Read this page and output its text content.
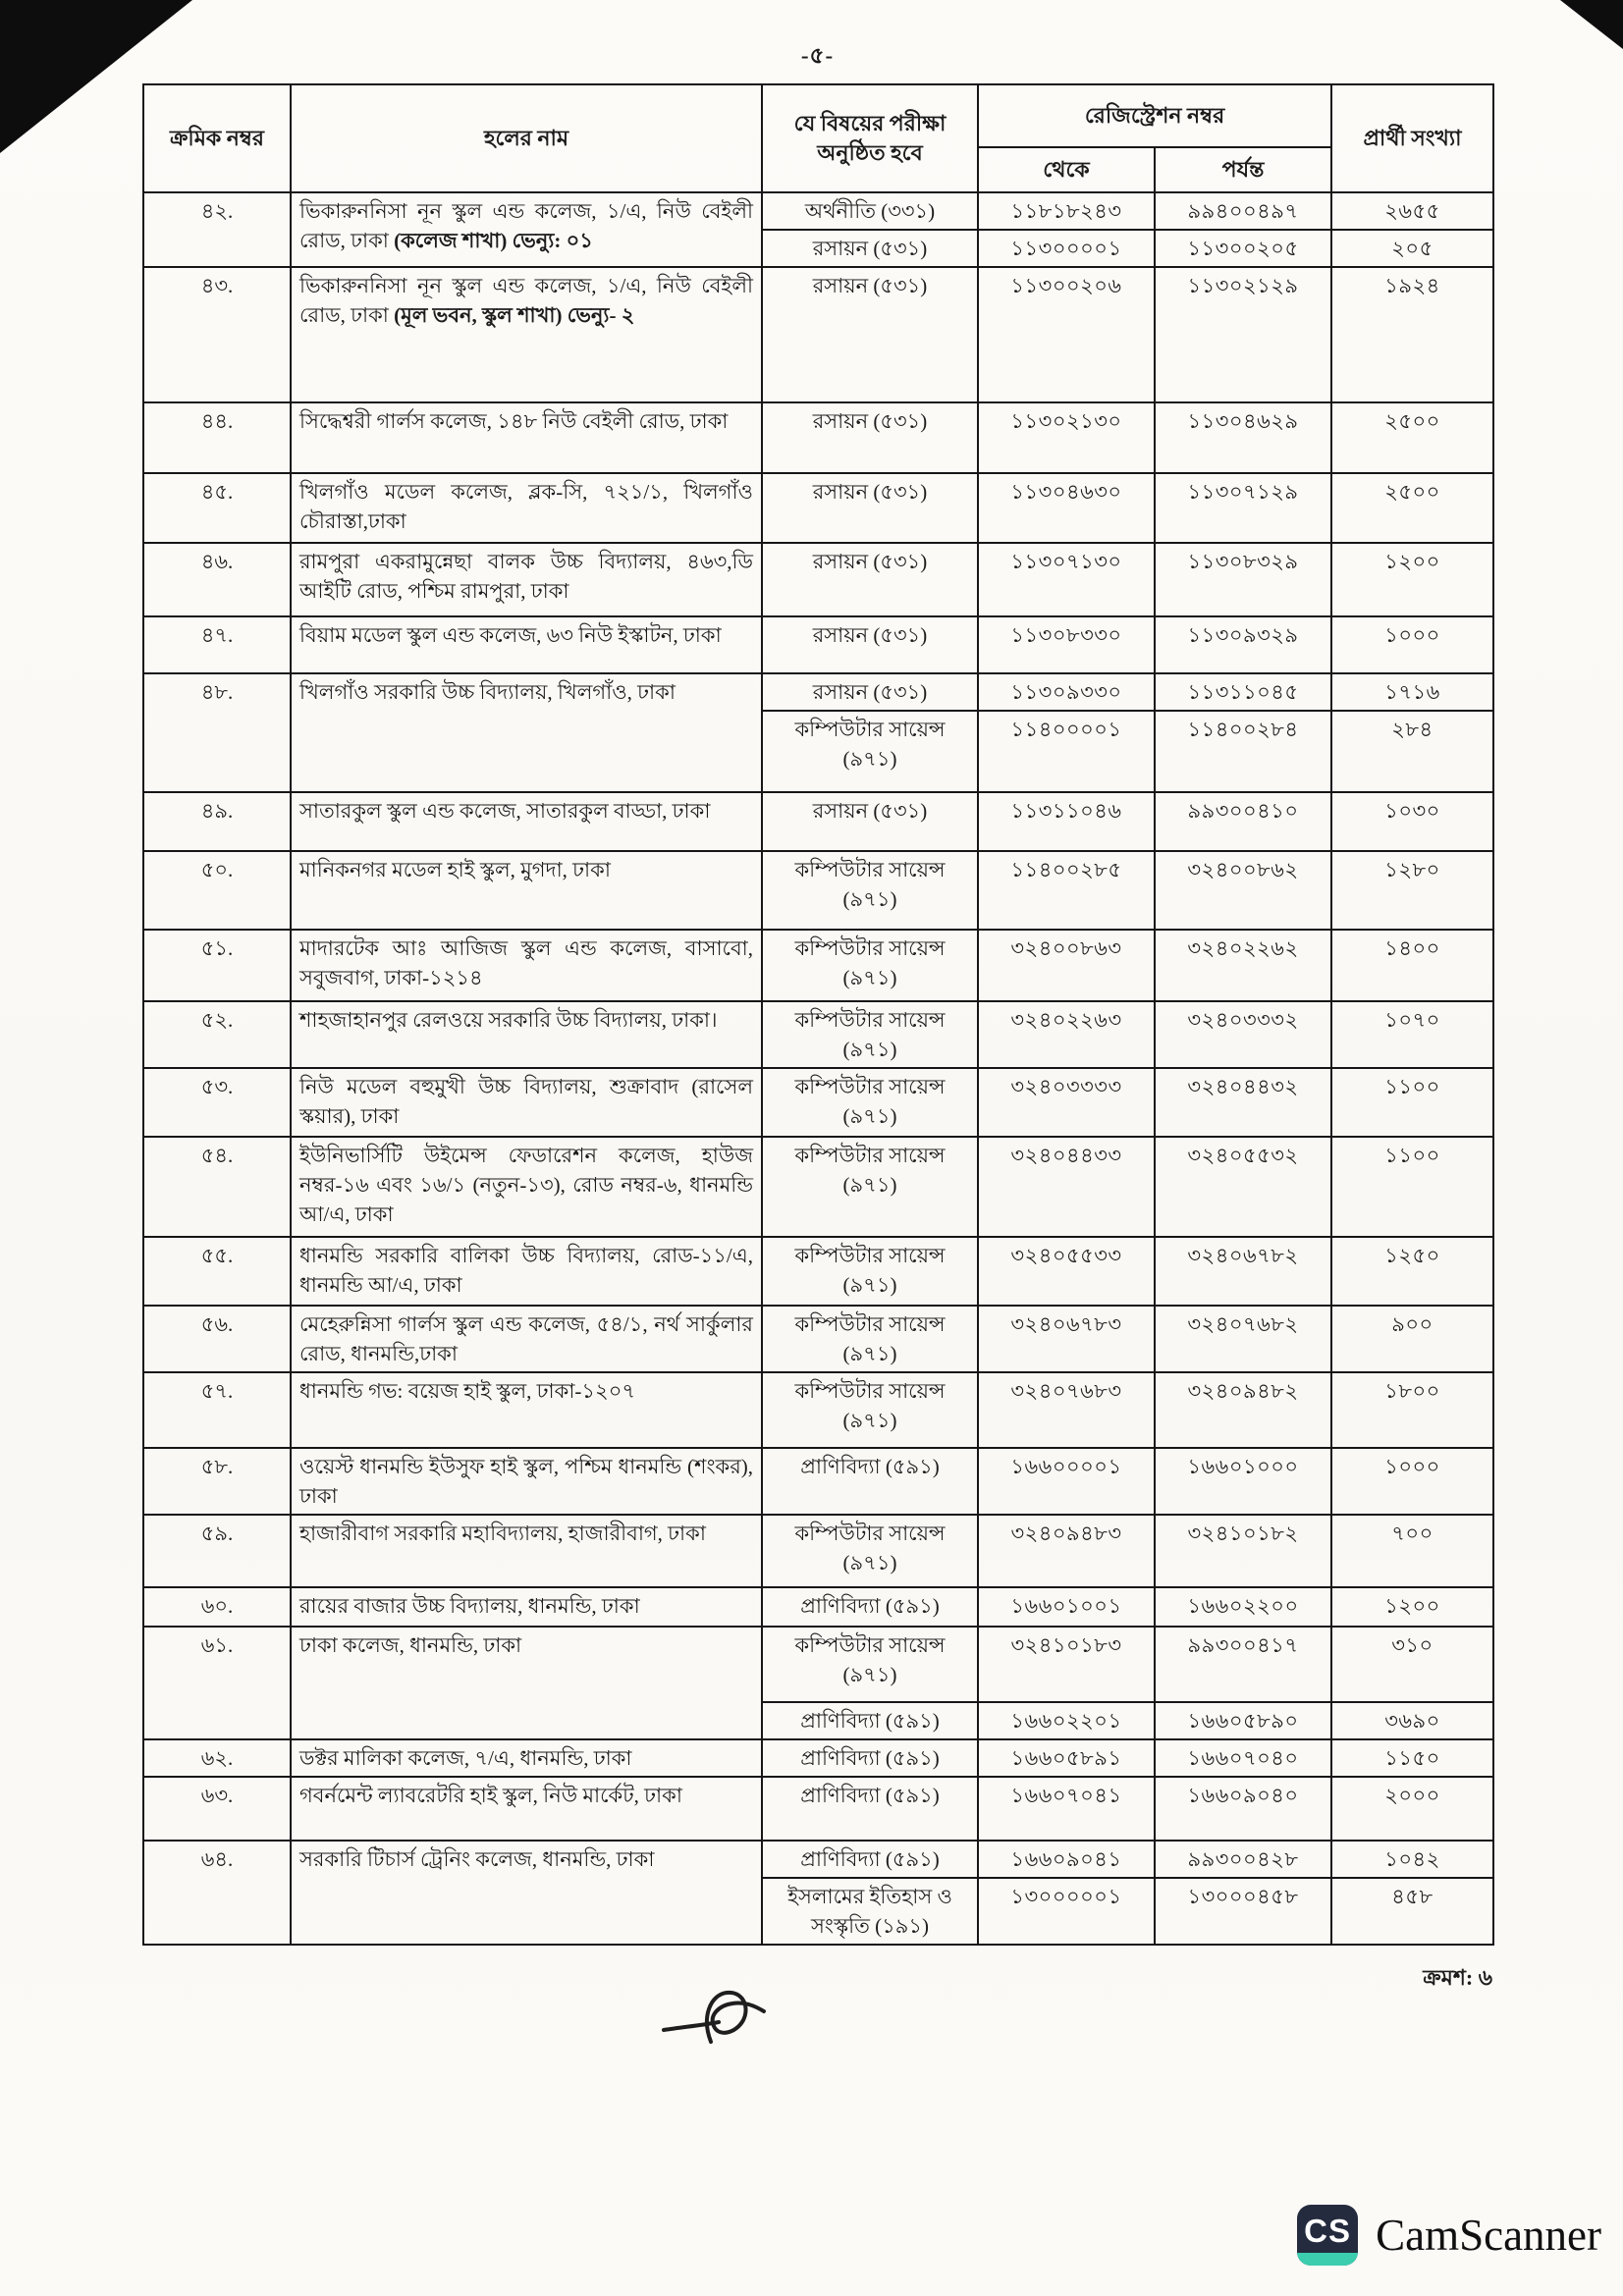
-৫-
ক্রমিক নম্বর	হলের নাম	যে বিষয়ের পরীক্ষা অনুষ্ঠিত হবে	রেজিস্ট্রেশন নম্বর		প্রার্থী সংখ্যা
			থেকে	পর্যন্ত	
৪২.	ভিকারুননিসা নূন স্কুল এন্ড কলেজ, ১/এ, নিউ বেইলী রোড, ঢাকা (কলেজ শাখা) ভেন্যু: ০১	অর্থনীতি (৩৩১)	১১৮১৮২৪৩	৯৯৪০০৪৯৭	২৬৫৫
		রসায়ন (৫৩১)	১১৩০০০০১	১১৩০০২০৫	২০৫
৪৩.	ভিকারুননিসা নূন স্কুল এন্ড কলেজ, ১/এ, নিউ বেইলী রোড, ঢাকা (মূল ভবন, স্কুল শাখা) ভেন্যু- ২	রসায়ন (৫৩১)	১১৩০০২০৬	১১৩০২১২৯	১৯২৪
৪৪.	সিদ্ধেশ্বরী গার্লস কলেজ, ১৪৮ নিউ বেইলী রোড, ঢাকা	রসায়ন (৫৩১)	১১৩০২১৩০	১১৩০৪৬২৯	২৫০০
৪৫.	খিলগাঁও মডেল কলেজ, ব্লক-সি, ৭২১/১, খিলগাঁও চৌরাস্তা,ঢাকা	রসায়ন (৫৩১)	১১৩০৪৬৩০	১১৩০৭১২৯	২৫০০
৪৬.	রামপুরা একরামুন্নেছা বালক উচ্চ বিদ্যালয়, ৪৬৩,ডি আইটি রোড, পশ্চিম রামপুরা, ঢাকা	রসায়ন (৫৩১)	১১৩০৭১৩০	১১৩০৮৩২৯	১২০০
৪৭.	বিয়াম মডেল স্কুল এন্ড কলেজ, ৬৩ নিউ ইস্কাটন, ঢাকা	রসায়ন (৫৩১)	১১৩০৮৩৩০	১১৩০৯৩২৯	১০০০
৪৮.	খিলগাঁও সরকারি উচ্চ বিদ্যালয়, খিলগাঁও, ঢাকা	রসায়ন (৫৩১)	১১৩০৯৩৩০	১১৩১১০৪৫	১৭১৬
		কম্পিউটার সায়েন্স (৯৭১)	১১৪০০০০১	১১৪০০২৮৪	২৮৪
৪৯.	সাতারকুল স্কুল এন্ড কলেজ, সাতারকুল বাড্ডা, ঢাকা	রসায়ন (৫৩১)	১১৩১১০৪৬	৯৯৩০০৪১০	১০৩০
৫০.	মানিকনগর মডেল হাই স্কুল, মুগদা, ঢাকা	কম্পিউটার সায়েন্স (৯৭১)	১১৪০০২৮৫	৩২৪০০৮৬২	১২৮০
৫১.	মাদারটেক আঃ আজিজ স্কুল এন্ড কলেজ, বাসাবো, সবুজবাগ, ঢাকা-১২১৪	কম্পিউটার সায়েন্স (৯৭১)	৩২৪০০৮৬৩	৩২৪০২২৬২	১৪০০
৫২.	শাহজাহানপুর রেলওয়ে সরকারি উচ্চ বিদ্যালয়, ঢাকা।	কম্পিউটার সায়েন্স (৯৭১)	৩২৪০২২৬৩	৩২৪০৩৩৩২	১০৭০
৫৩.	নিউ মডেল বহুমুখী উচ্চ বিদ্যালয়, শুক্রাবাদ (রাসেল স্কয়ার), ঢাকা	কম্পিউটার সায়েন্স (৯৭১)	৩২৪০৩৩৩৩	৩২৪০৪৪৩২	১১০০
৫৪.	ইউনিভার্সিটি উইমেন্স ফেডারেশন কলেজ, হাউজ নম্বর-১৬ এবং ১৬/১ (নতুন-১৩), রোড নম্বর-৬, ধানমন্ডি আ/এ, ঢাকা	কম্পিউটার সায়েন্স (৯৭১)	৩২৪০৪৪৩৩	৩২৪০৫৫৩২	১১০০
৫৫.	ধানমন্ডি সরকারি বালিকা উচ্চ বিদ্যালয়, রোড-১১/এ, ধানমন্ডি আ/এ, ঢাকা	কম্পিউটার সায়েন্স (৯৭১)	৩২৪০৫৫৩৩	৩২৪০৬৭৮২	১২৫০
৫৬.	মেহেরুন্নিসা গার্লস স্কুল এন্ড কলেজ, ৫৪/১, নর্থ সার্কুলার রোড, ধানমন্ডি,ঢাকা	কম্পিউটার সায়েন্স (৯৭১)	৩২৪০৬৭৮৩	৩২৪০৭৬৮২	৯০০
৫৭.	ধানমন্ডি গভ: বয়েজ হাই স্কুল, ঢাকা-১২০৭	কম্পিউটার সায়েন্স (৯৭১)	৩২৪০৭৬৮৩	৩২৪০৯৪৮২	১৮০০
৫৮.	ওয়েস্ট ধানমন্ডি ইউসুফ হাই স্কুল, পশ্চিম ধানমন্ডি (শংকর), ঢাকা	প্রাণিবিদ্যা (৫৯১)	১৬৬০০০০১	১৬৬০১০০০	১০০০
৫৯.	হাজারীবাগ সরকারি মহাবিদ্যালয়, হাজারীবাগ, ঢাকা	কম্পিউটার সায়েন্স (৯৭১)	৩২৪০৯৪৮৩	৩২৪১০১৮২	৭০০
৬০.	রায়ের বাজার উচ্চ বিদ্যালয়, ধানমন্ডি, ঢাকা	প্রাণিবিদ্যা (৫৯১)	১৬৬০১০০১	১৬৬০২২০০	১২০০
৬১.	ঢাকা কলেজ, ধানমন্ডি, ঢাকা	কম্পিউটার সায়েন্স (৯৭১)	৩২৪১০১৮৩	৯৯৩০০৪১৭	৩১০
		প্রাণিবিদ্যা (৫৯১)	১৬৬০২২০১	১৬৬০৫৮৯০	৩৬৯০
৬২.	ডক্টর মালিকা কলেজ, ৭/এ, ধানমন্ডি, ঢাকা	প্রাণিবিদ্যা (৫৯১)	১৬৬০৫৮৯১	১৬৬০৭০৪০	১১৫০
৬৩.	গবর্নমেন্ট ল্যাবরেটরি হাই স্কুল, নিউ মার্কেট, ঢাকা	প্রাণিবিদ্যা (৫৯১)	১৬৬০৭০৪১	১৬৬০৯০৪০	২০০০
৬৪.	সরকারি টিচার্স ট্রেনিং কলেজ, ধানমন্ডি, ঢাকা	প্রাণিবিদ্যা (৫৯১)	১৬৬০৯০৪১	৯৯৩০০৪২৮	১০৪২
		ইসলামের ইতিহাস ও সংস্কৃতি (১৯১)	১৩০০০০০১	১৩০০০৪৫৮	৪৫৮
ক্রমশ: ৬
CS CamScanner
